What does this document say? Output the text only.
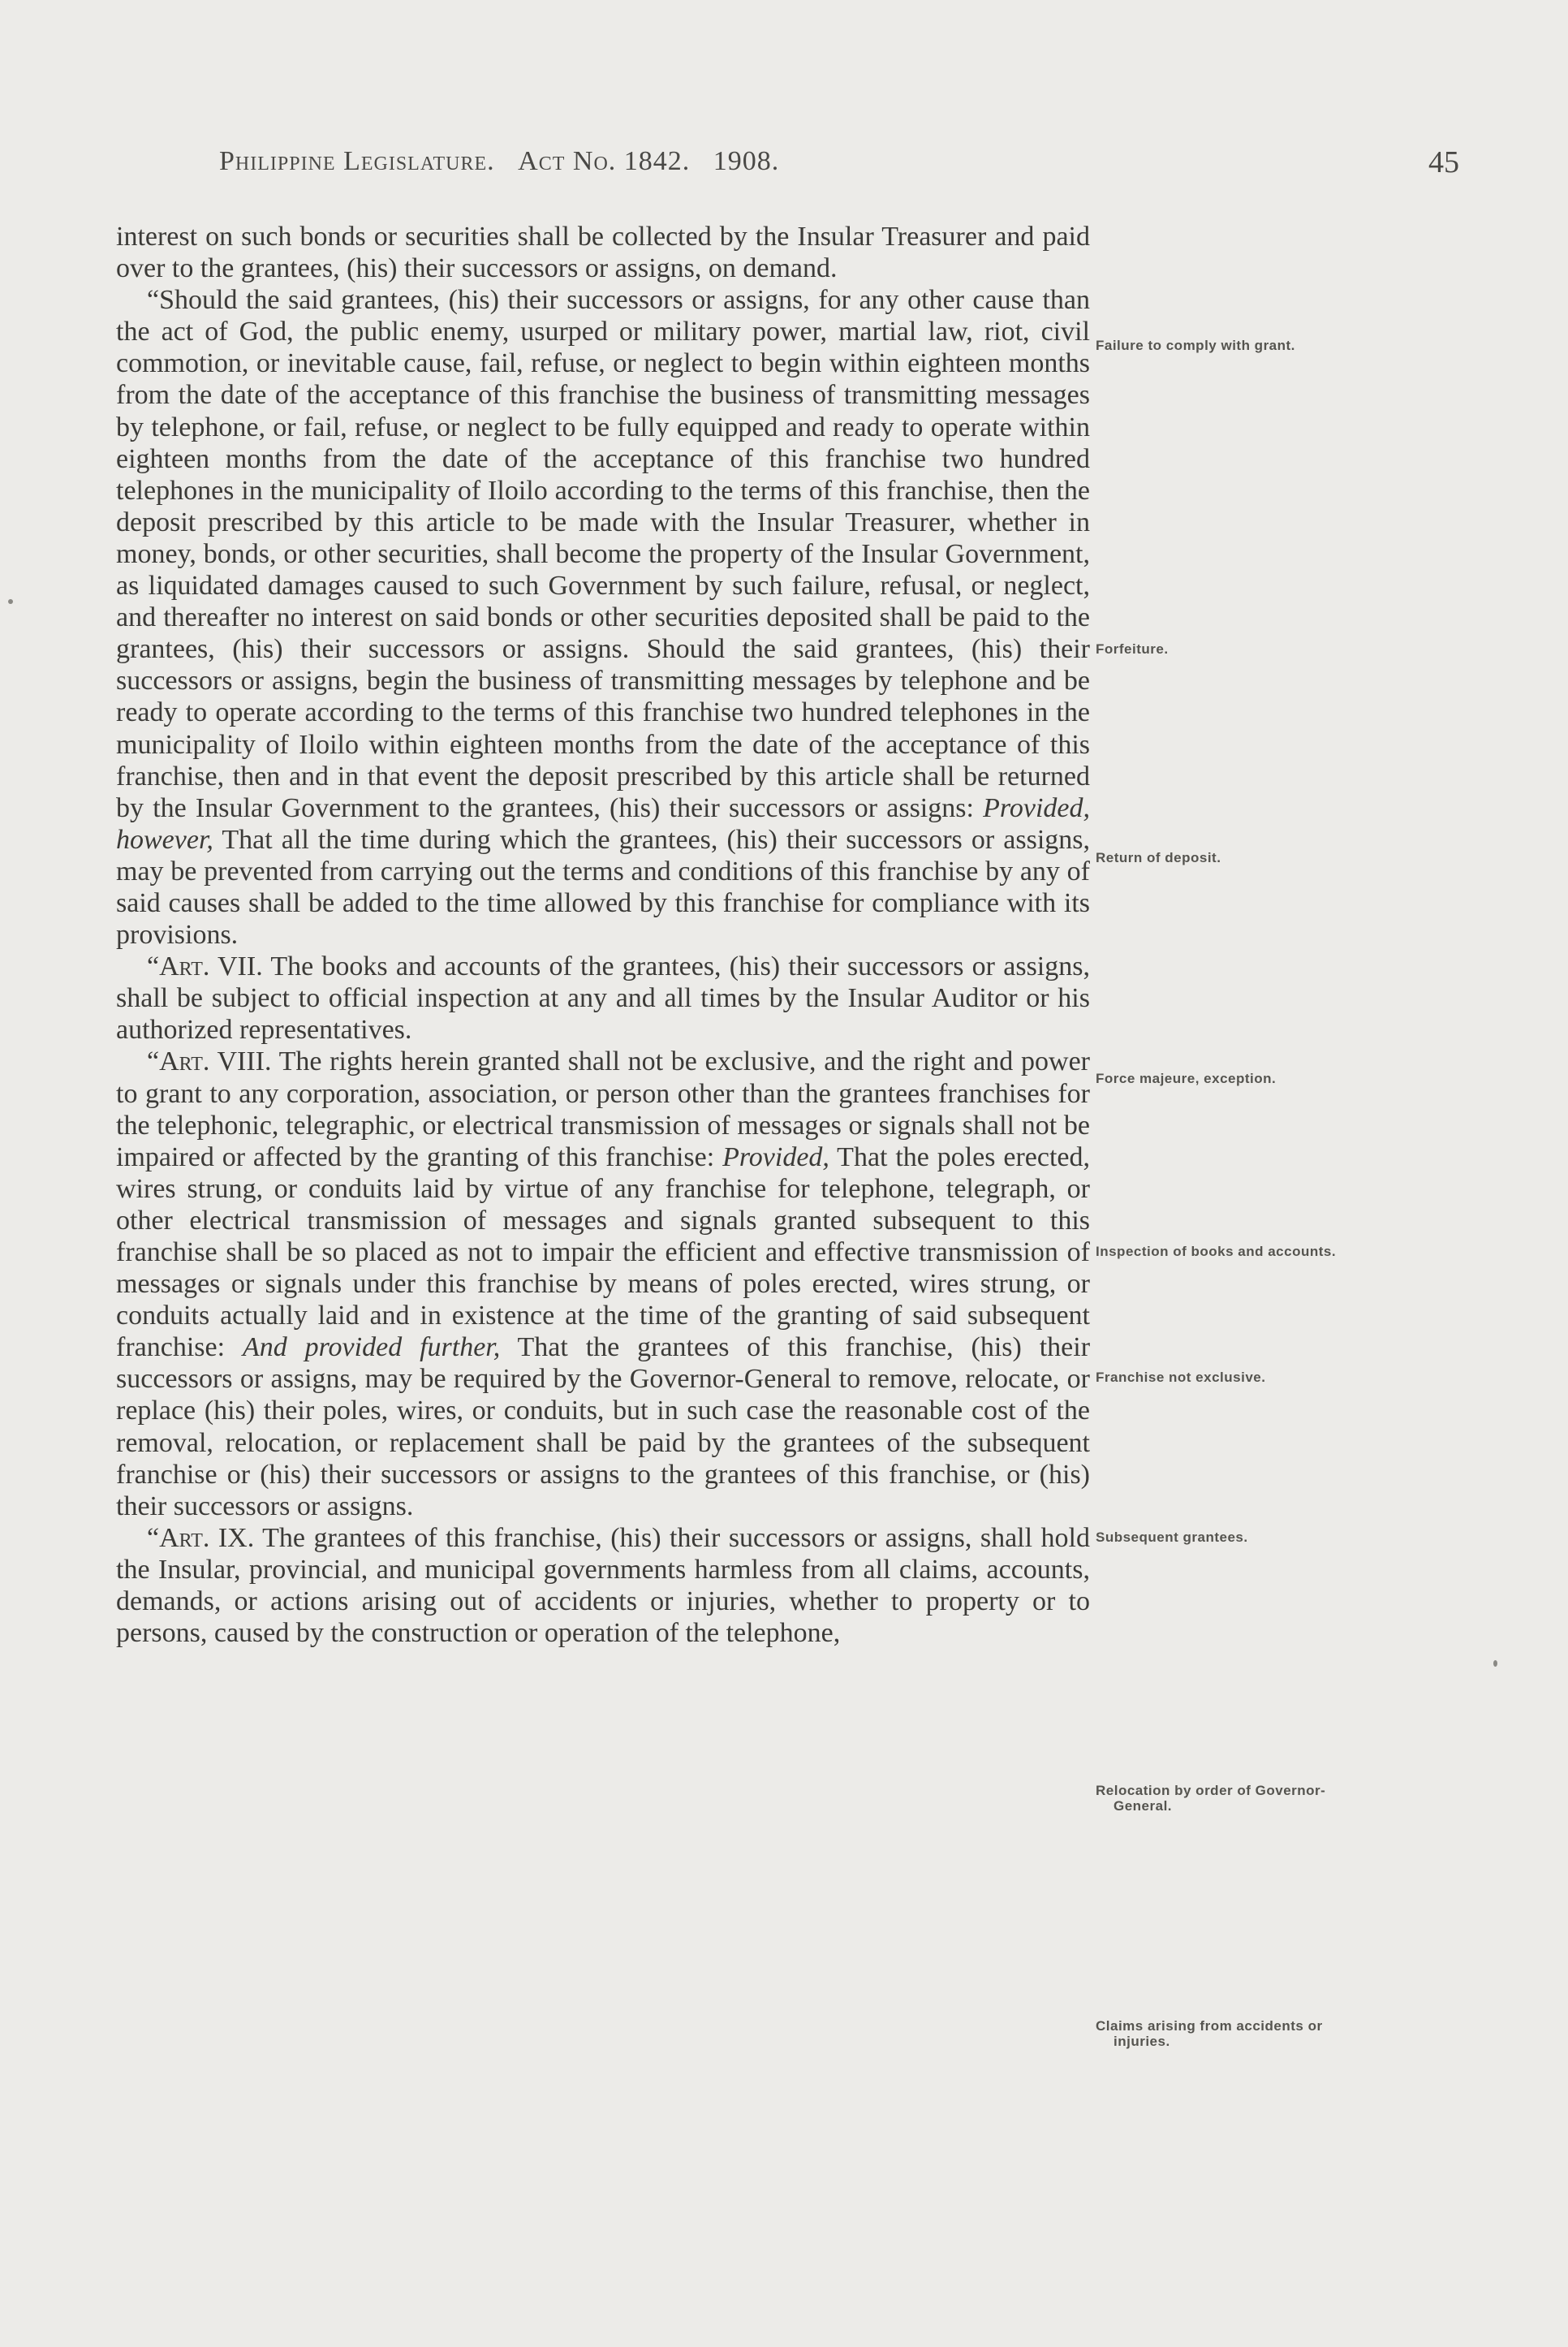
Philippine Legislature. Act No. 1842. 1908.	45

interest on such bonds or securities shall be collected by the Insular Treasurer and paid over to the grantees, (his) their successors or assigns, on demand.

“Should the said grantees, (his) their successors or assigns, for any other cause than the act of God, the public enemy, usurped or military power, martial law, riot, civil commotion, or inevitable cause, fail, refuse, or neglect to begin within eighteen months from the date of the acceptance of this franchise the business of transmitting messages by telephone, or fail, refuse, or neglect to be fully equipped and ready to operate within eighteen months from the date of the acceptance of this franchise two hundred telephones in the municipality of Iloilo according to the terms of this franchise, then the deposit prescribed by this article to be made with the Insular Treasurer, whether in money, bonds, or other securities, shall become the property of the Insular Government, as liquidated damages caused to such Government by such failure, refusal, or neglect, and thereafter no interest on said bonds or other securities deposited shall be paid to the grantees, (his) their successors or assigns. Should the said grantees, (his) their successors or assigns, begin the business of transmitting messages by telephone and be ready to operate according to the terms of this franchise two hundred telephones in the municipality of Iloilo within eighteen months from the date of the acceptance of this franchise, then and in that event the deposit prescribed by this article shall be returned by the Insular Government to the grantees, (his) their successors or assigns: Provided, however, That all the time during which the grantees, (his) their successors or assigns, may be prevented from carrying out the terms and conditions of this franchise by any of said causes shall be added to the time allowed by this franchise for compliance with its provisions.

“Art. VII. The books and accounts of the grantees, (his) their successors or assigns, shall be subject to official inspection at any and all times by the Insular Auditor or his authorized representatives.

“Art. VIII. The rights herein granted shall not be exclusive, and the right and power to grant to any corporation, association, or person other than the grantees franchises for the telephonic, telegraphic, or electrical transmission of messages or signals shall not be impaired or affected by the granting of this franchise: Provided, That the poles erected, wires strung, or conduits laid by virtue of any franchise for telephone, telegraph, or other electrical transmission of messages and signals granted subsequent to this franchise shall be so placed as not to impair the efficient and effective transmission of messages or signals under this franchise by means of poles erected, wires strung, or conduits actually laid and in existence at the time of the granting of said subsequent franchise: And provided further, That the grantees of this franchise, (his) their successors or assigns, may be required by the Governor-General to remove, relocate, or replace (his) their poles, wires, or conduits, but in such case the reasonable cost of the removal, relocation, or replacement shall be paid by the grantees of the subsequent franchise or (his) their successors or assigns to the grantees of this franchise, or (his) their successors or assigns.

“Art. IX. The grantees of this franchise, (his) their successors or assigns, shall hold the Insular, provincial, and municipal governments harmless from all claims, accounts, demands, or actions arising out of accidents or injuries, whether to property or to persons, caused by the construction or operation of the telephone,

Failure to comply with grant.
Forfeiture.
Return of deposit.
Force majeure, exception.
Inspection of books and accounts.
Franchise not exclusive.
Subsequent grantees.
Relocation by order of Governor-General.
Claims arising from accidents or injuries.
